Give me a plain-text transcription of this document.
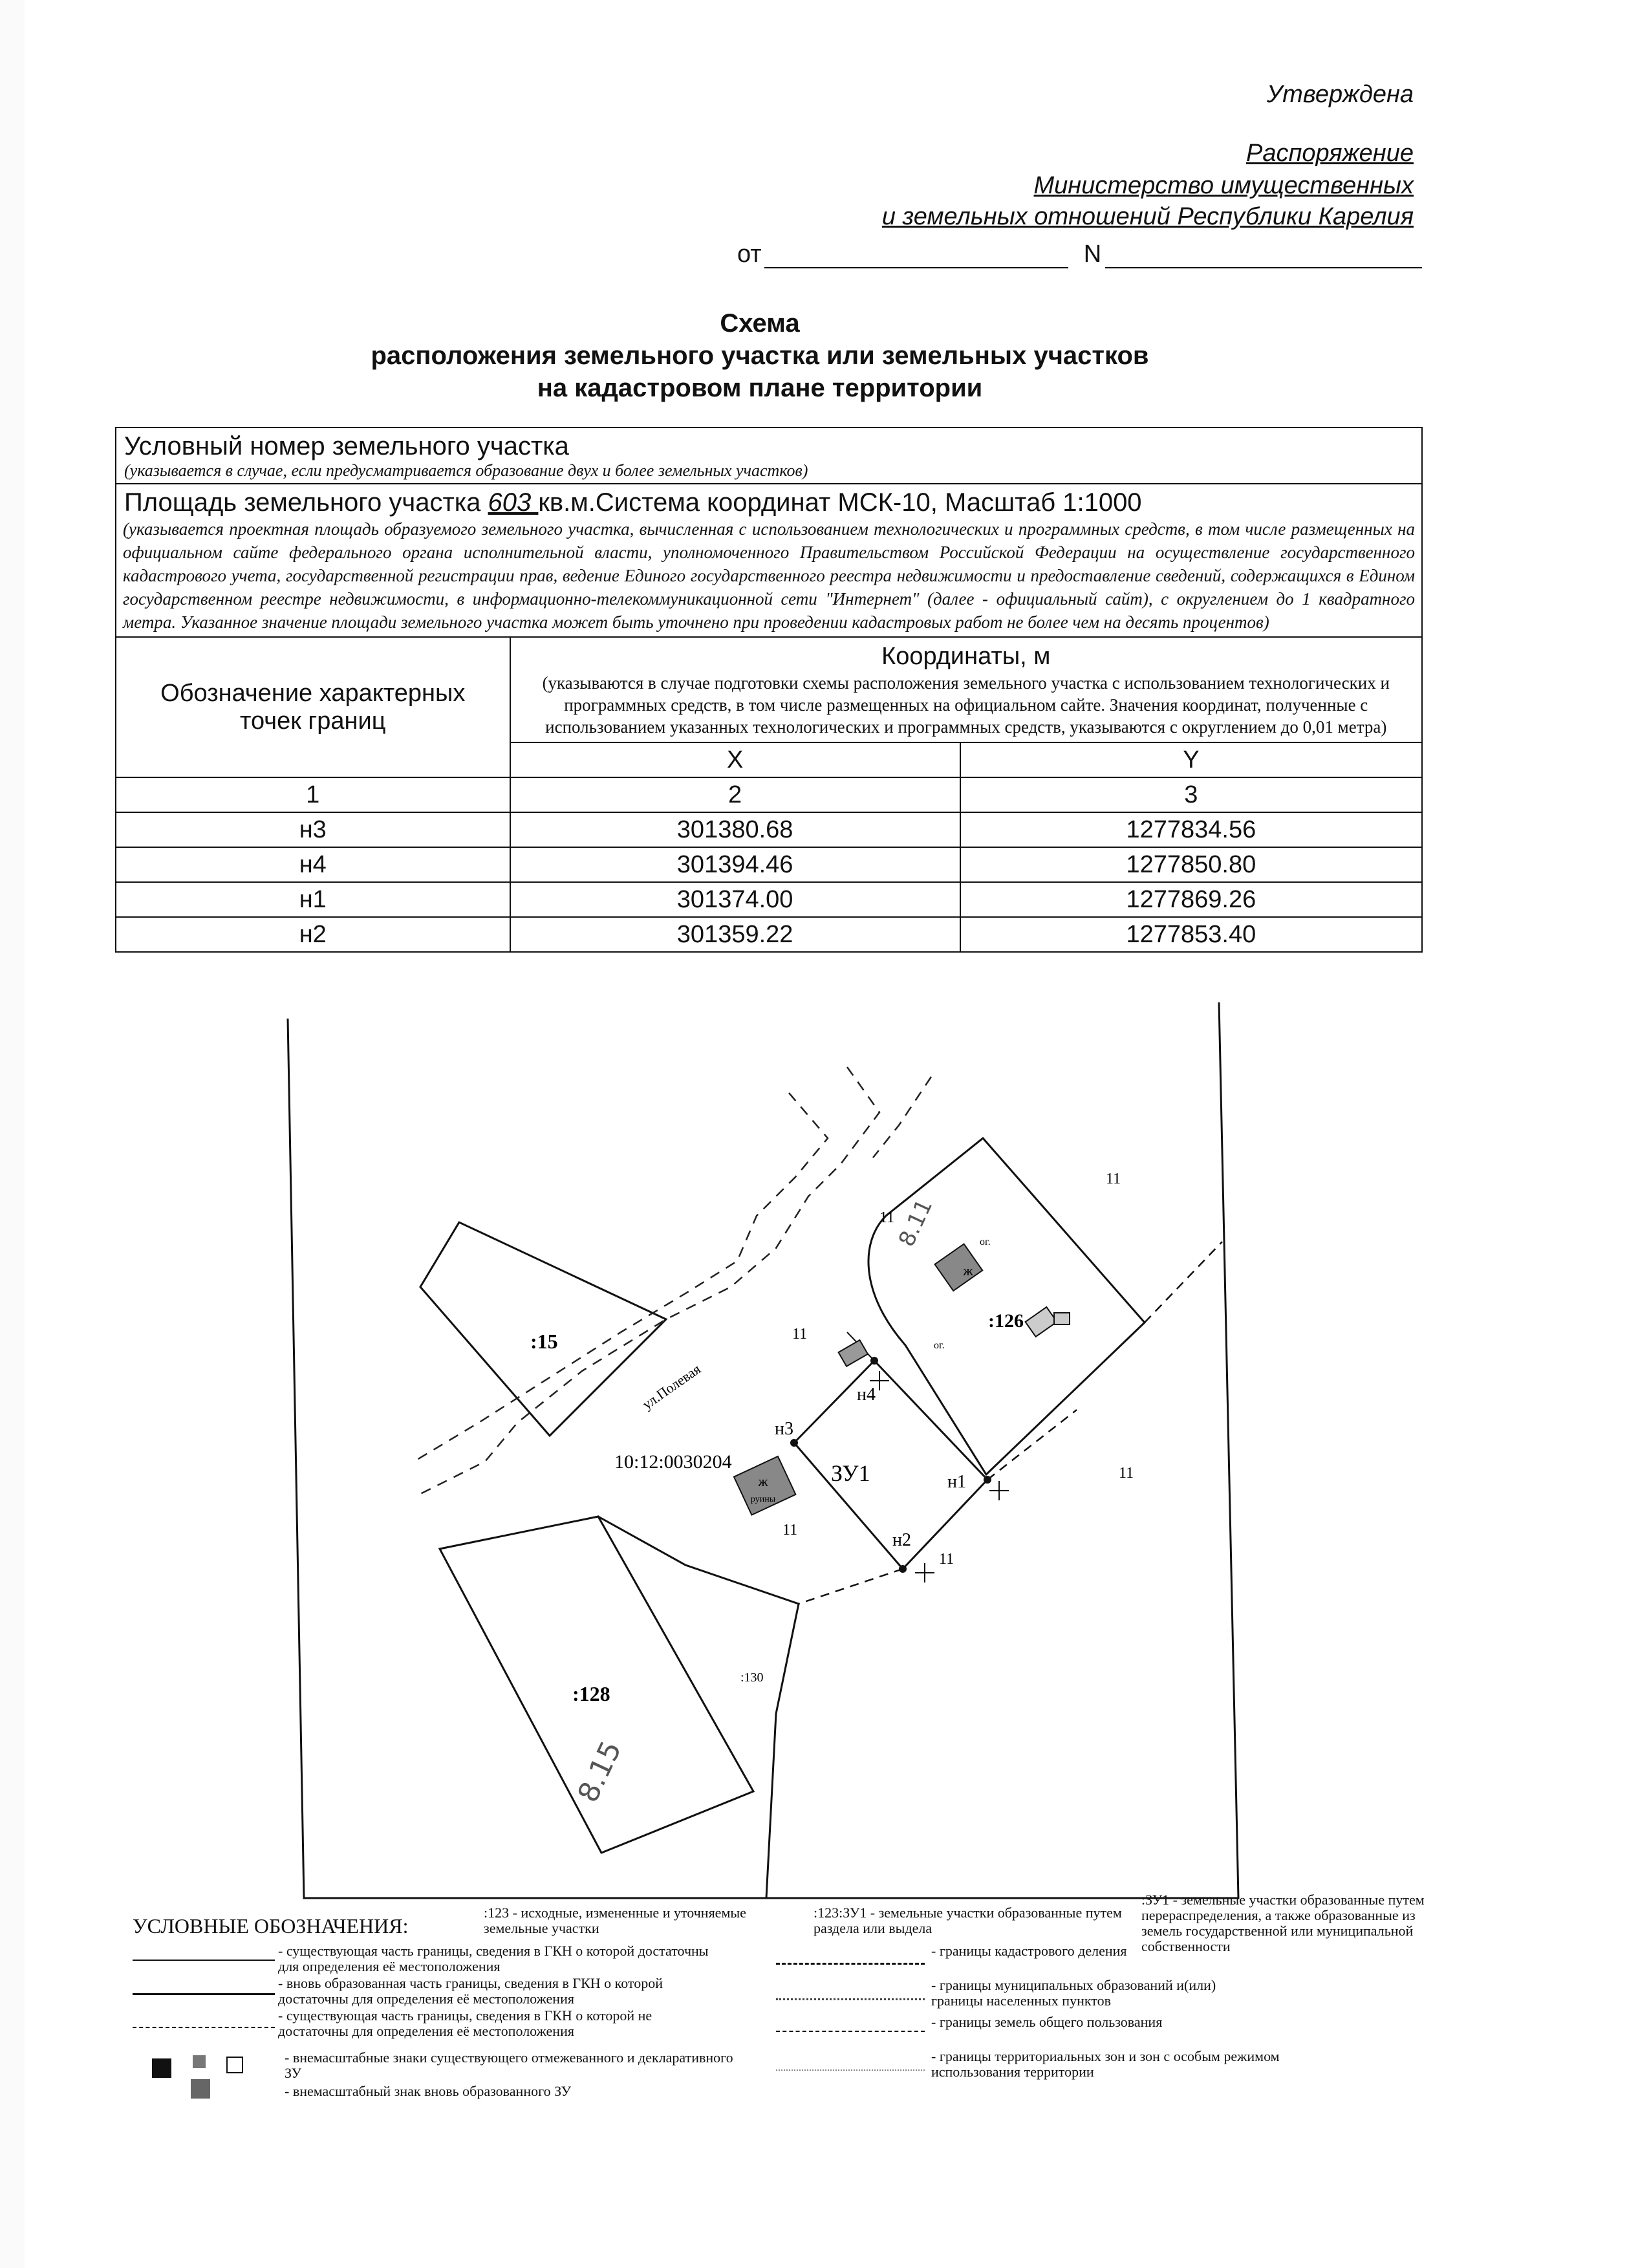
Утверждена
Распоряжение
Министерство имущественных
и земельных отношений Республики Карелия
от	N
Схема
расположения земельного участка или земельных участков
на кадастровом плане территории
Условный номер земельного участка
(указывается в случае, если предусматривается образование двух и более земельных участков)		

Площадь земельного участка 603 кв.м.Система координат МСК-10, Масштаб 1:1000
(указывается проектная площадь образуемого земельного участка, вычисленная с использованием технологических и программных средств, в том числе размещенных на официальном сайте федерального органа исполнительной власти, уполномоченного Правительством Российской Федерации на осуществление государственного кадастрового учета, государственной регистрации прав, ведение Единого государственного реестра недвижимости и предоставление сведений, содержащихся в Едином государственном реестре недвижимости, в информационно-телекоммуникационной сети "Интернет" (далее - официальный сайт), с округлением до 1 квадратного метра. Указанное значение площади земельного участка может быть уточнено при проведении кадастровых работ не более чем на десять процентов)		

Обозначение характерных точек границ	Координаты, м
(указываются в случае подготовки схемы расположения земельного участка с использованием технологических и программных средств, в том числе размещенных на официальном сайте. Значения координат, полученные с использованием указанных технологических и программных средств, указываются с округлением до 0,01 метра)	

	X	Y
1	2	3
н3	301380.68	1277834.56
н4	301394.46	1277850.80
н1	301374.00	1277869.26
н2	301359.22	1277853.40
:15
ул.Полевая
ж
:126
ог.
ог.
8.11
н3
н4
н1
н2
ЗУ1
10:12:0030204
ж
руины
:128
8.15
:130
11
11
11
11
11
11
УСЛОВНЫЕ ОБОЗНАЧЕНИЯ:
:123 - исходные, измененные и уточняемые земельные участки
:123:ЗУ1 - земельные участки образованные путем раздела или выдела
:ЗУ1 - земельные участки образованные путем перераспределения, а также образованные из земель государственной или муниципальной собственности
- существующая часть границы, сведения в ГКН о которой достаточны для определения её местоположения
- вновь образованная часть границы, сведения в ГКН о которой достаточны для определения её местоположения
- существующая часть границы, сведения в ГКН о которой не достаточны для определения её местоположения
- границы кадастрового деления
- границы муниципальных образований и(или) границы населенных пунктов
- границы земель общего пользования
- границы территориальных зон и зон с особым режимом использования территории
- внемасштабные знаки существующего отмежеванного и декларативного ЗУ
- внемасштабный знак вновь образованного ЗУ
